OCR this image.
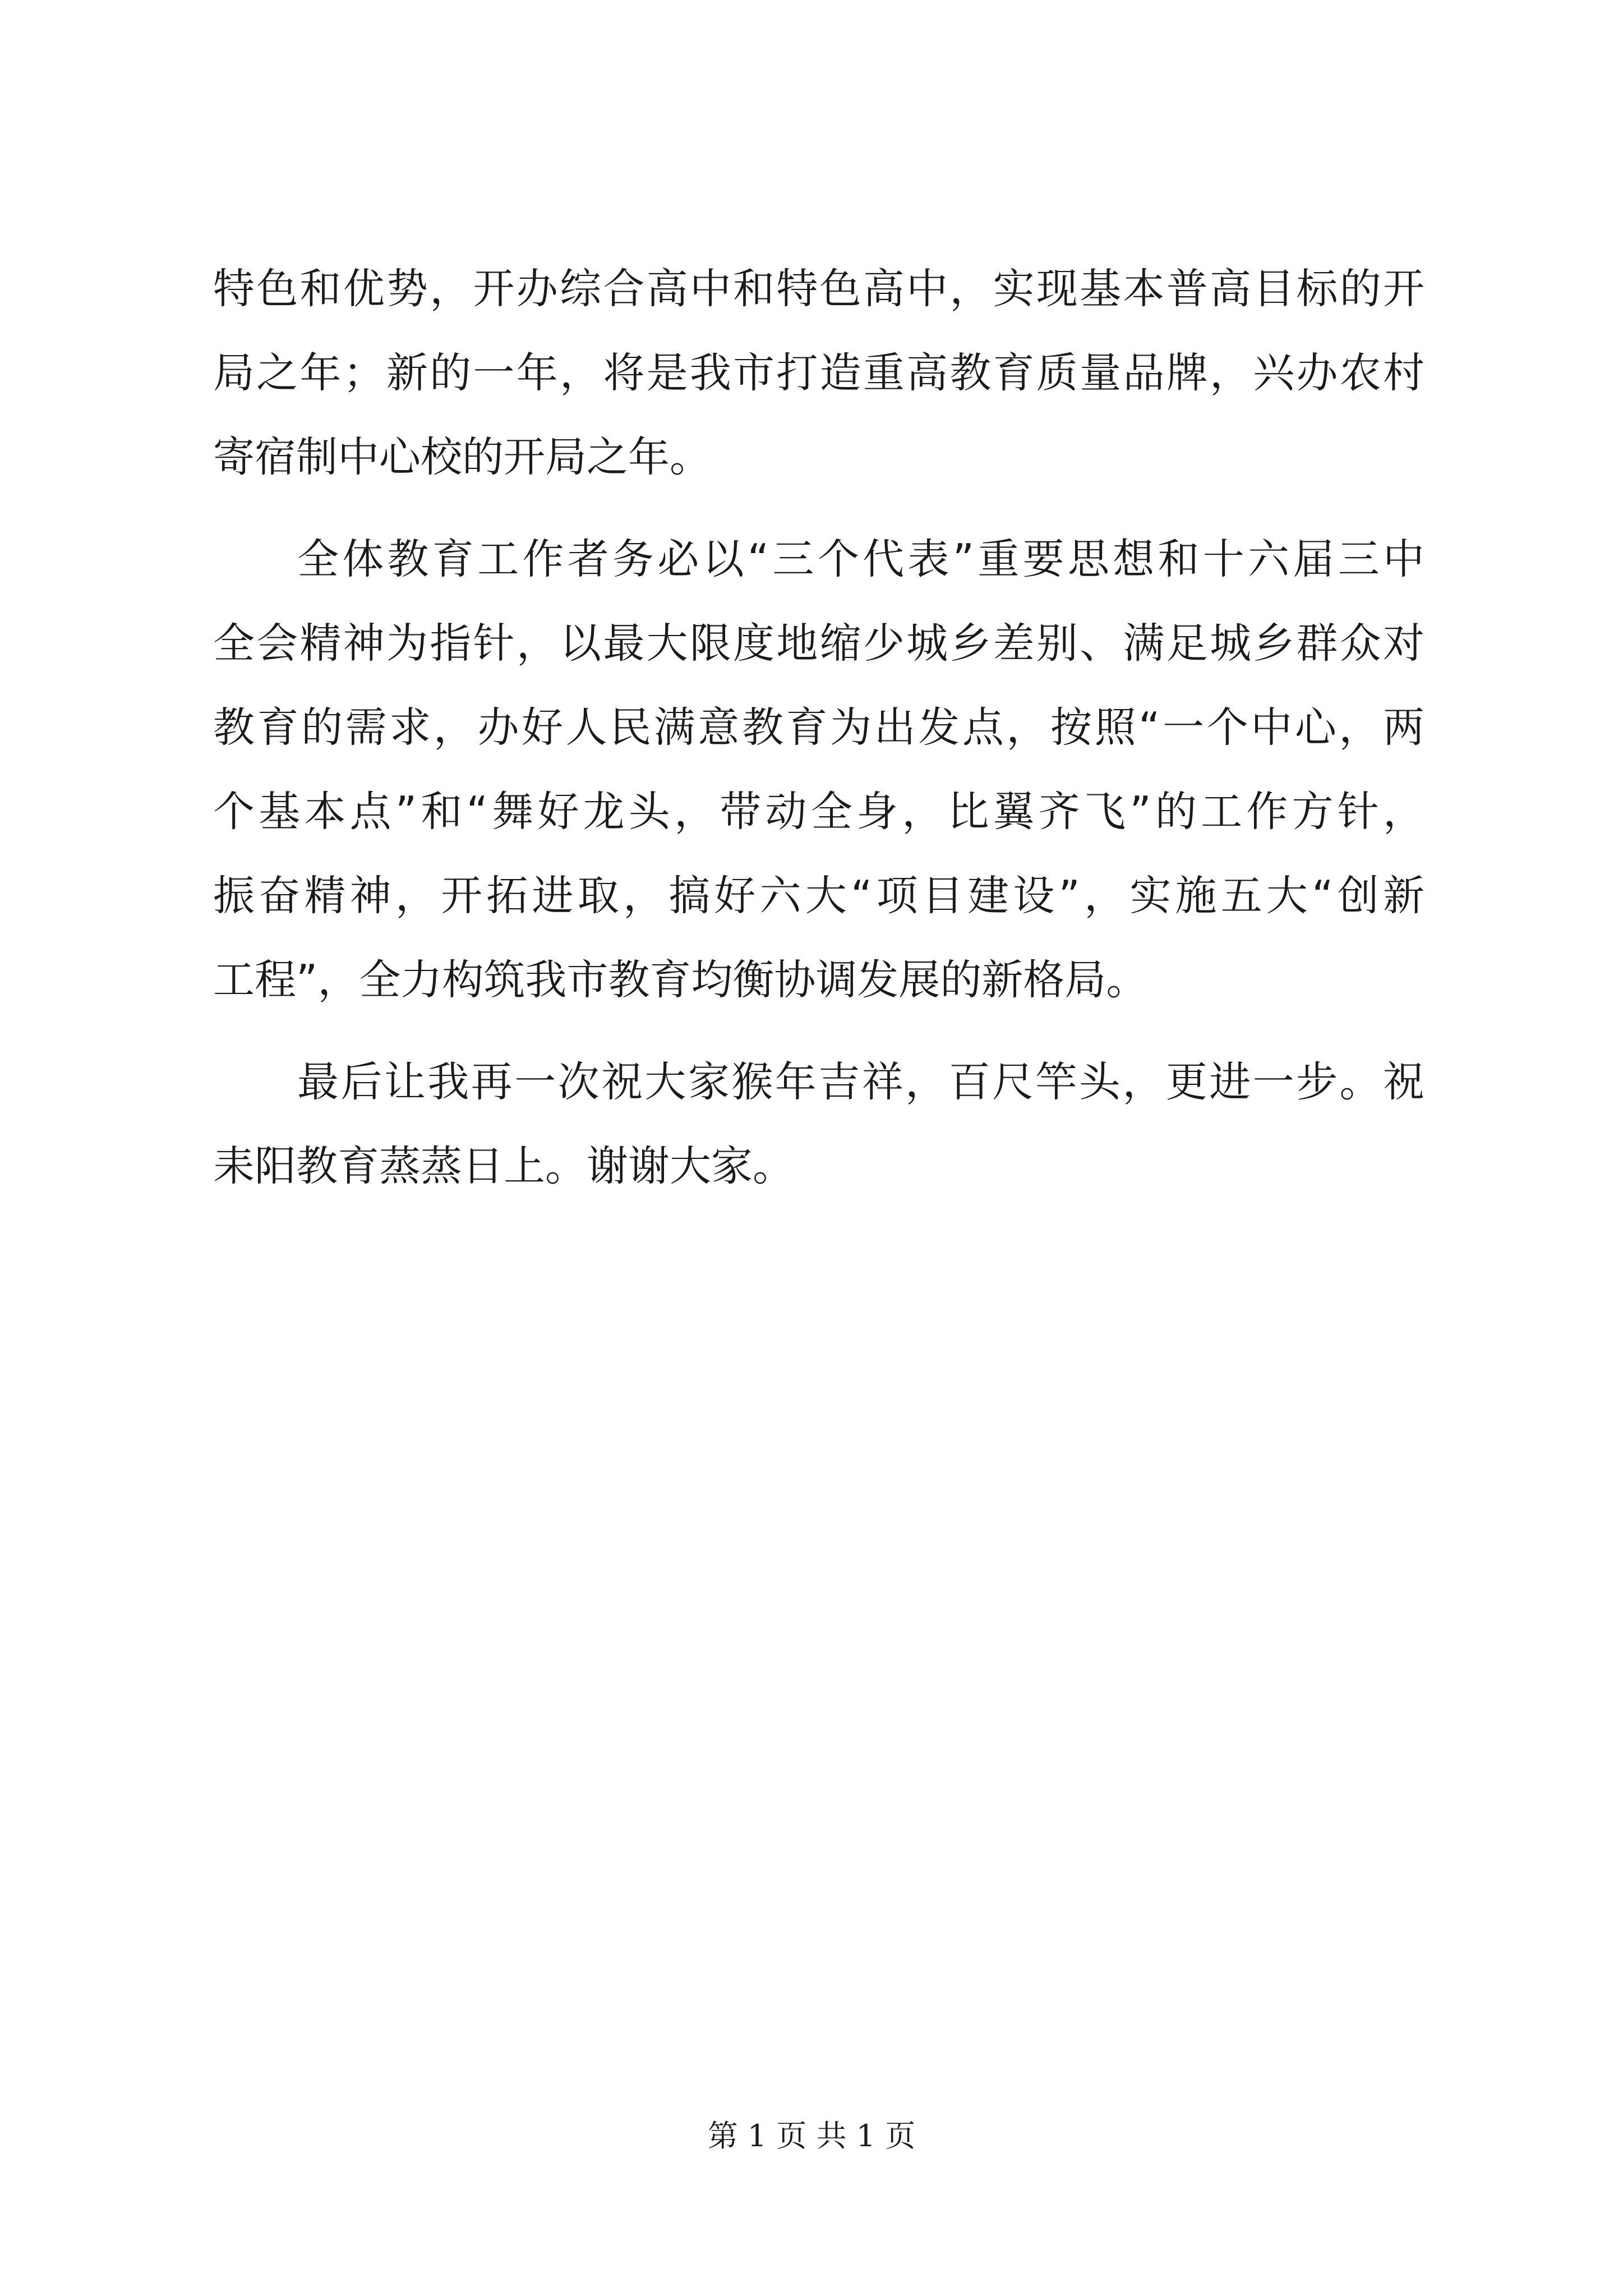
特色和优势，开办综合高中和特色高中，实现基本普高目标的开
局之年；新的一年，将是我市打造重高教育质量品牌，兴办农村
寄宿制中心校的开局之年。
全体教育工作者务必以“三个代表”重要思想和十六届三中
全会精神为指针，以最大限度地缩少城乡差别、满足城乡群众对
教育的需求，办好人民满意教育为出发点，按照“一个中心，两
个基本点”和“舞好龙头，带动全身，比翼齐飞”的工作方针，
振奋精神，开拓进取，搞好六大“项目建设”，实施五大“创新
工程”，全力构筑我市教育均衡协调发展的新格局。
最后让我再一次祝大家猴年吉祥，百尺竿头，更进一步。祝
耒阳教育蒸蒸日上。谢谢大家。
第 1 页 共 1 页
